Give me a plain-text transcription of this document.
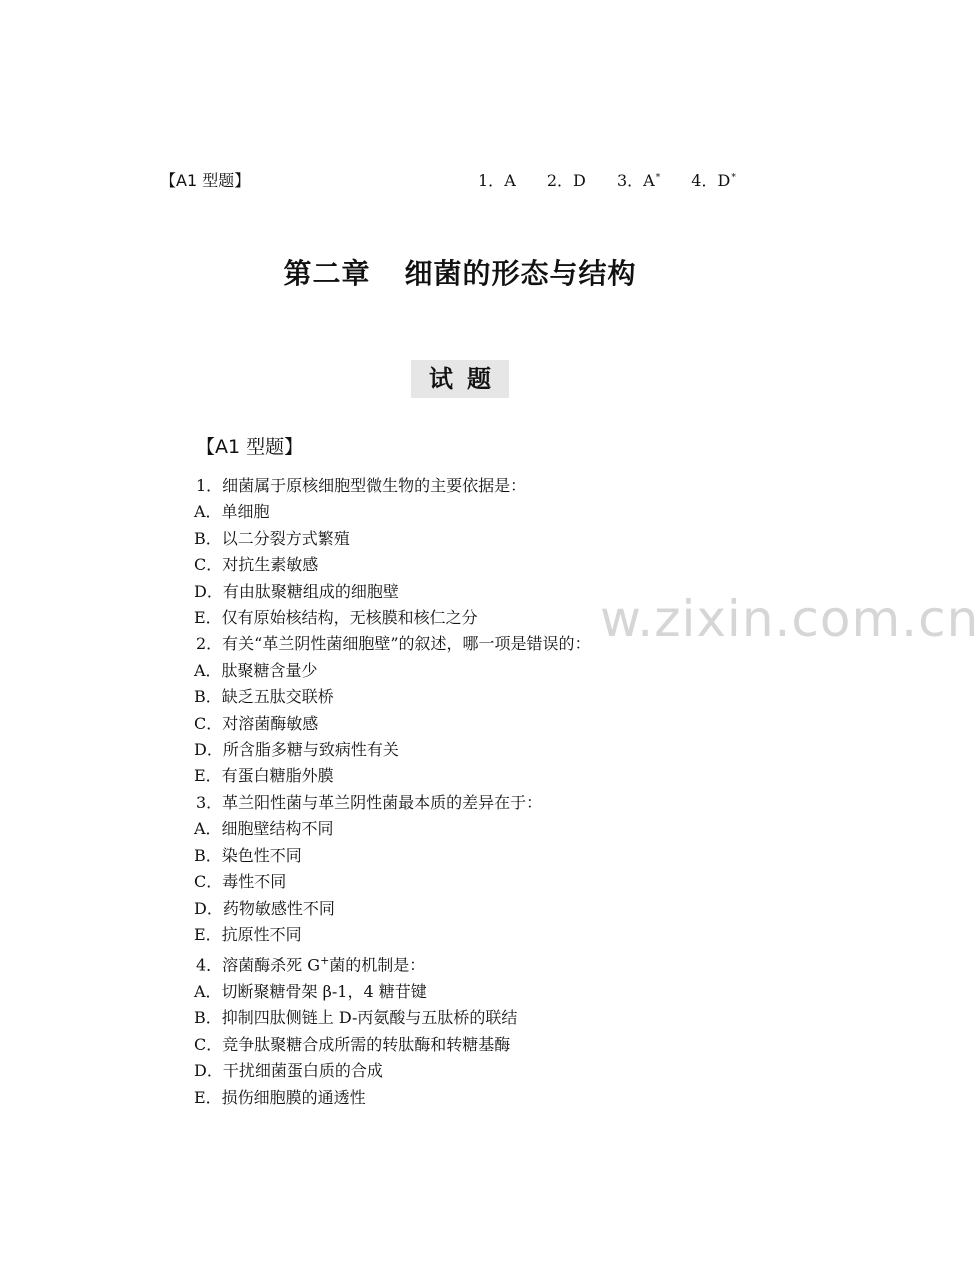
【A1 型题】	1．A 2．D 3．A* 4．D*
第二章 细菌的形态与结构
试题
【A1 型题】
1．细菌属于原核细胞型微生物的主要依据是：
A．单细胞
B．以二分裂方式繁殖
C．对抗生素敏感
D．有由肽聚糖组成的细胞壁
E．仅有原始核结构，无核膜和核仁之分
2．有关“革兰阴性菌细胞壁”的叙述，哪一项是错误的：
A．肽聚糖含量少
B．缺乏五肽交联桥
C．对溶菌酶敏感
D．所含脂多糖与致病性有关
E．有蛋白糖脂外膜
3．革兰阳性菌与革兰阴性菌最本质的差异在于：
A．细胞壁结构不同
B．染色性不同
C．毒性不同
D．药物敏感性不同
E．抗原性不同
4．溶菌酶杀死 G+菌的机制是：
A．切断聚糖骨架 β-1，4 糖苷键
B．抑制四肽侧链上 D-丙氨酸与五肽桥的联结
C．竞争肽聚糖合成所需的转肽酶和转糖基酶
D．干扰细菌蛋白质的合成
E．损伤细胞膜的通透性
w.zixin.com.cn
